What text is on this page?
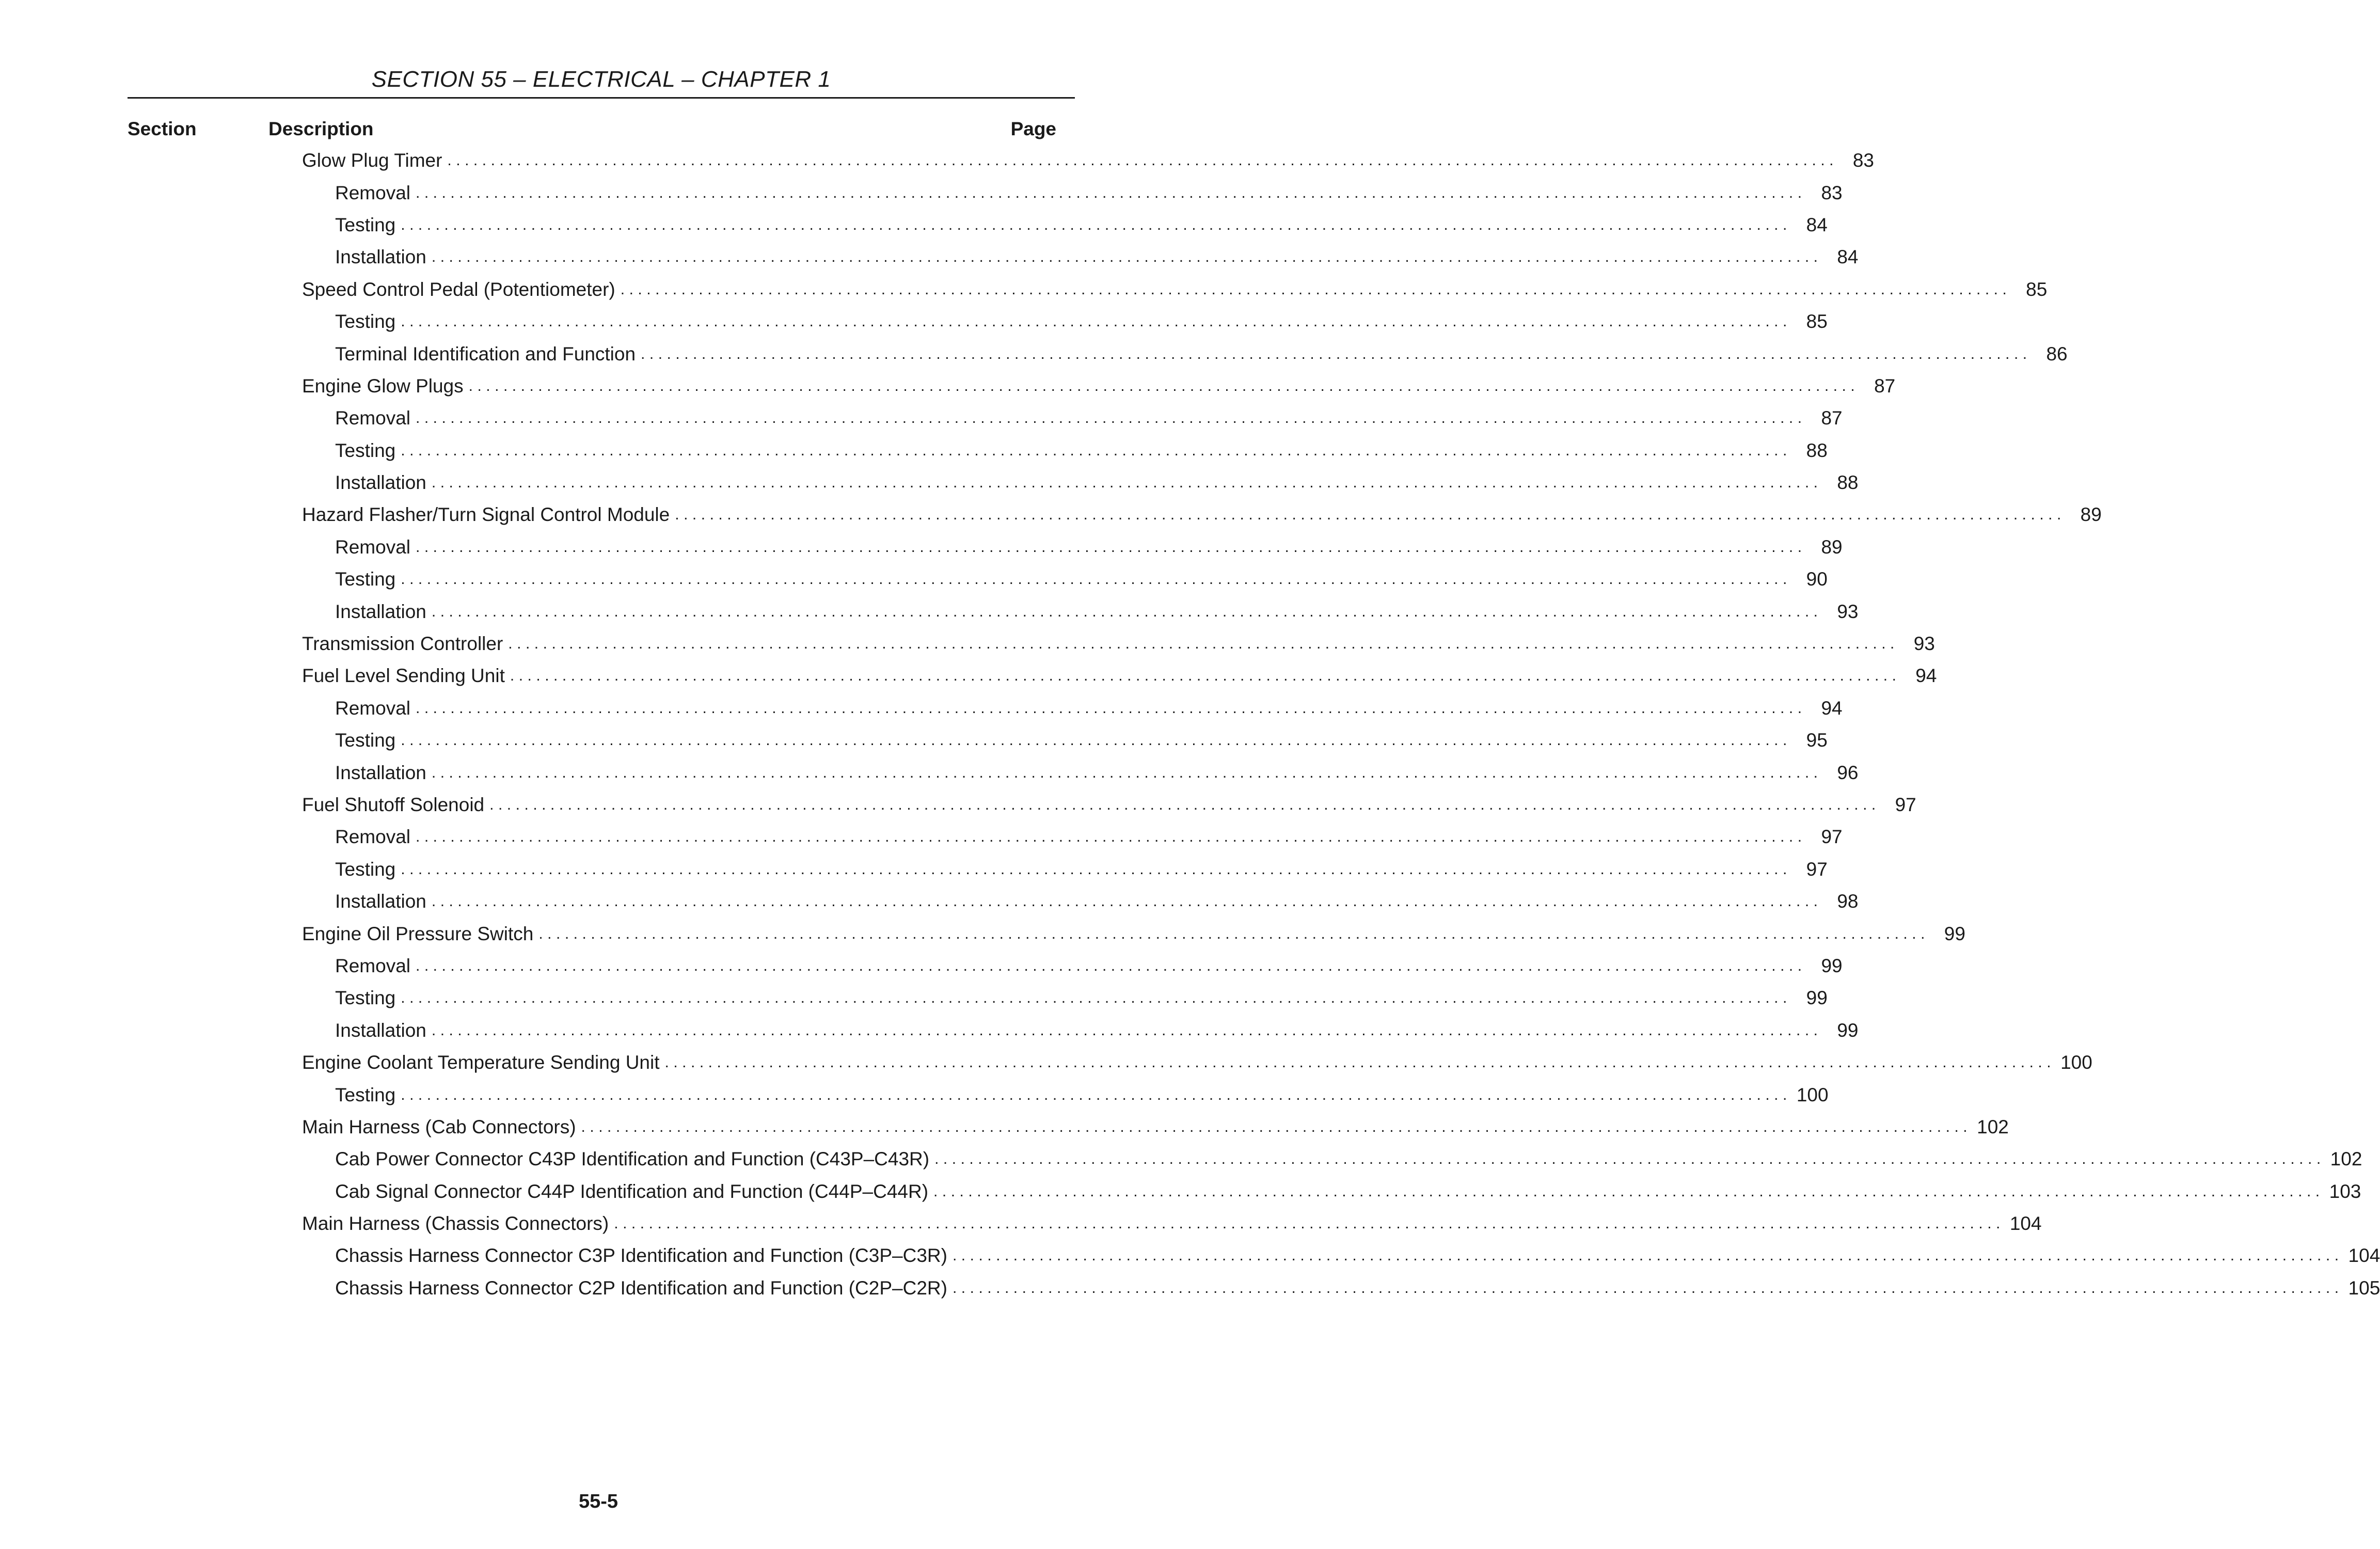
SECTION 55 – ELECTRICAL – CHAPTER 1
Section	Description	Page
Glow Plug Timer ................................................................................................................................................................ 83
Removal ................................................................................................................................................................ 83
Testing ................................................................................................................................................................ 84
Installation ................................................................................................................................................................ 84
Speed Control Pedal (Potentiometer) ................................................................................................................................................................ 85
Testing ................................................................................................................................................................ 85
Terminal Identification and Function ................................................................................................................................................................ 86
Engine Glow Plugs ................................................................................................................................................................ 87
Removal ................................................................................................................................................................ 87
Testing ................................................................................................................................................................ 88
Installation ................................................................................................................................................................ 88
Hazard Flasher/Turn Signal Control Module ................................................................................................................................................................ 89
Removal ................................................................................................................................................................ 89
Testing ................................................................................................................................................................ 90
Installation ................................................................................................................................................................ 93
Transmission Controller ................................................................................................................................................................ 93
Fuel Level Sending Unit ................................................................................................................................................................ 94
Removal ................................................................................................................................................................ 94
Testing ................................................................................................................................................................ 95
Installation ................................................................................................................................................................ 96
Fuel Shutoff Solenoid ................................................................................................................................................................ 97
Removal ................................................................................................................................................................ 97
Testing ................................................................................................................................................................ 97
Installation ................................................................................................................................................................ 98
Engine Oil Pressure Switch ................................................................................................................................................................ 99
Removal ................................................................................................................................................................ 99
Testing ................................................................................................................................................................ 99
Installation ................................................................................................................................................................ 99
Engine Coolant Temperature Sending Unit ................................................................................................................................................................ 100
Testing ................................................................................................................................................................ 100
Main Harness (Cab Connectors) ................................................................................................................................................................ 102
Cab Power Connector C43P Identification and Function (C43P–C43R) ................................................................................................................................................................ 102
Cab Signal Connector C44P Identification and Function (C44P–C44R) ................................................................................................................................................................ 103
Main Harness (Chassis Connectors) ................................................................................................................................................................ 104
Chassis Harness Connector C3P Identification and Function (C3P–C3R) ................................................................................................................................................................ 104
Chassis Harness Connector C2P Identification and Function (C2P–C2R) ................................................................................................................................................................ 105
55-5
